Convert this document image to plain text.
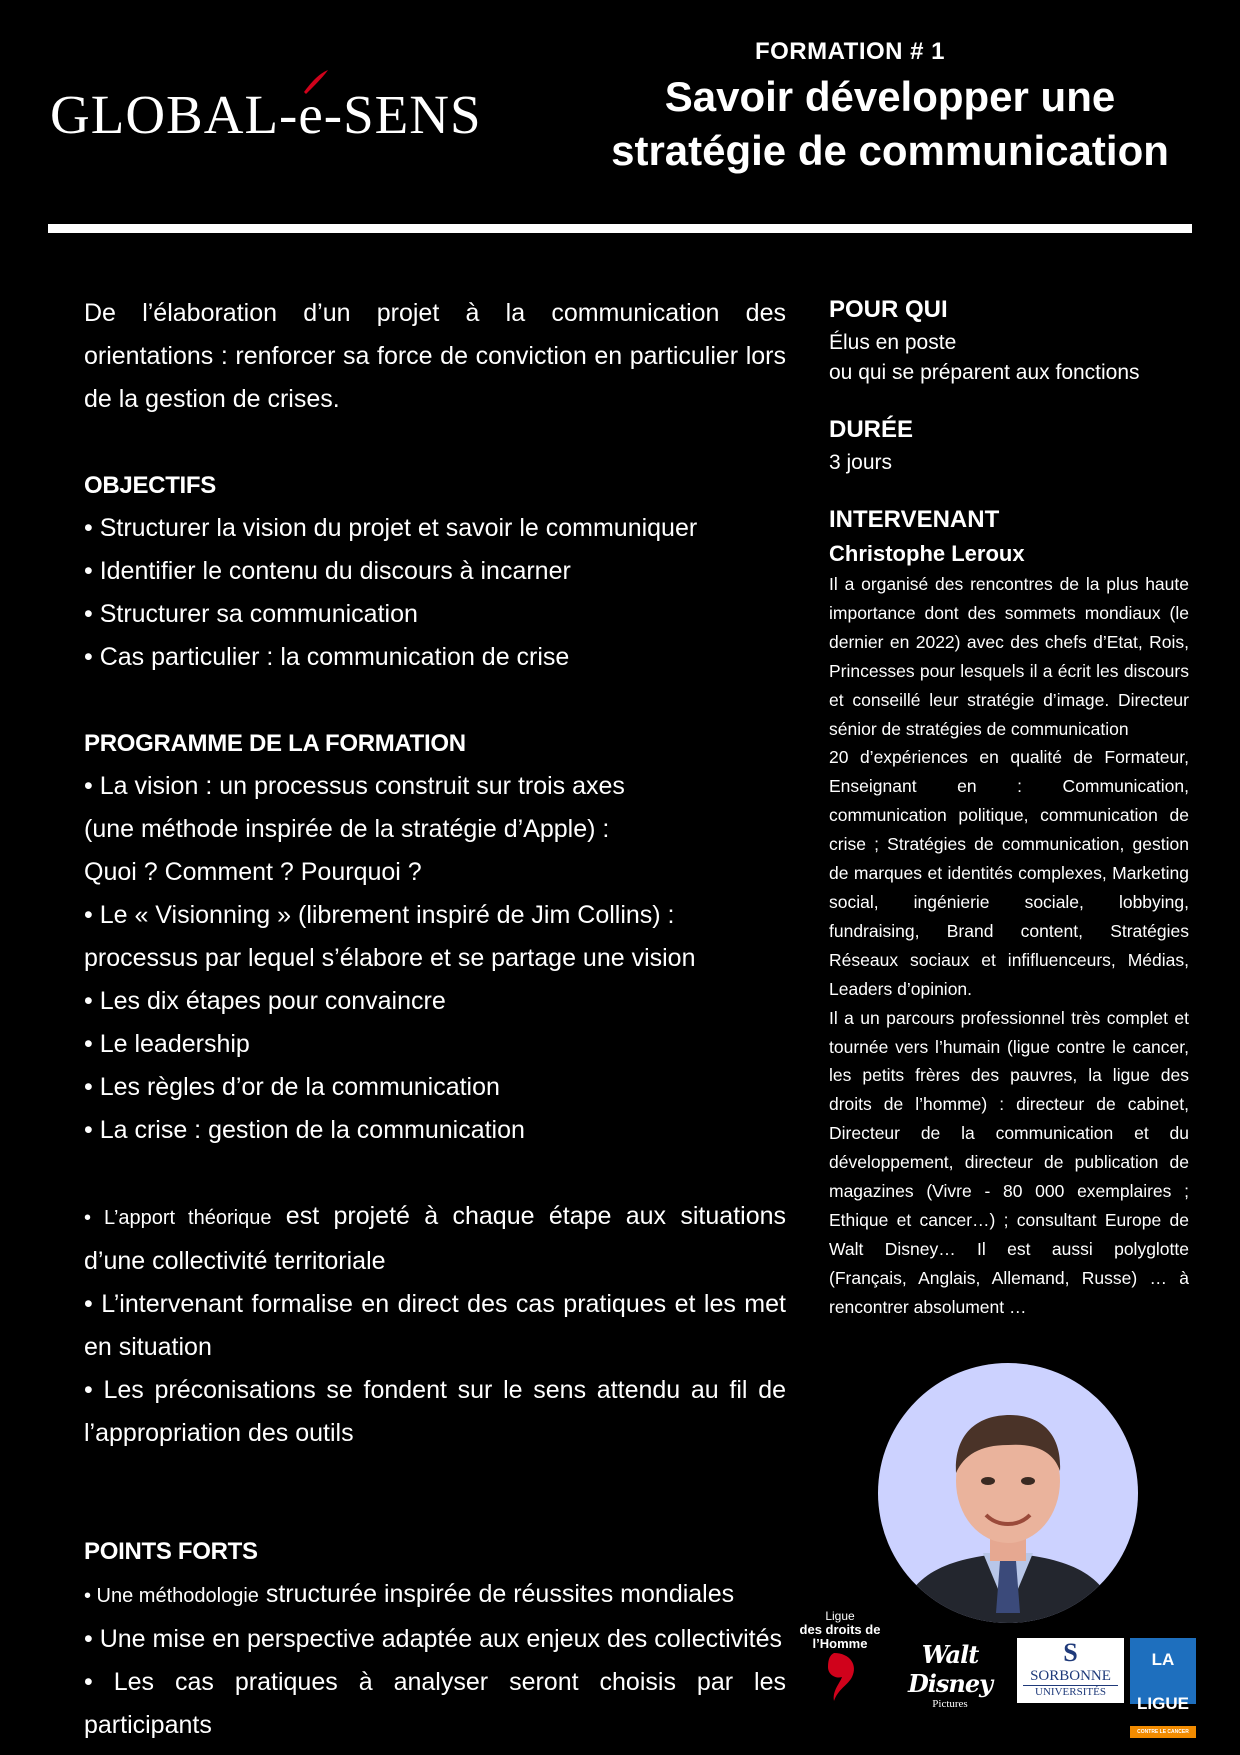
GLOBAL-e
-SENS
FORMATION # 1
Savoir développer une
stratégie de communication

De l’élaboration d’un projet à la communication des orientations : renforcer sa force de conviction en particulier lors de la gestion de crises.

OBJECTIFS

• Structurer la vision du projet et savoir le communiquer

• Identifier le contenu du discours à incarner

• Structurer sa communication

• Cas particulier : la communication de crise

PROGRAMME DE LA FORMATION

• La vision : un processus construit sur trois axes

(une méthode inspirée de la stratégie d’Apple) :

Quoi ? Comment ? Pourquoi ?

• Le « Visionning » (librement inspiré de Jim Collins) :

processus par lequel s’élabore et se partage une vision

• Les dix étapes pour convaincre

• Le leadership

• Les règles d’or de la communication

• La crise : gestion de la communication

• L’apport théorique est projeté à chaque étape aux situations d’une collectivité territoriale

• L’intervenant formalise en direct des cas pratiques et les met en situation

• Les préconisations se fondent sur le sens attendu au fil de l’appropriation des outils

POINTS FORTS

• Une méthodologie structurée inspirée de réussites mondiales

• Une mise en perspective adaptée aux enjeux des collectivités

• Les cas pratiques à analyser seront choisis par les participants

POUR QUI
Élus en poste
ou qui se préparent aux fonctions
DURÉE
3 jours
INTERVENANT
Christophe Leroux

Il a organisé des rencontres de la plus haute importance dont des sommets mondiaux (le dernier en 2022) avec des chefs d’Etat, Rois, Princesses pour lesquels il a écrit les discours et conseillé leur stratégie d’image. Directeur sénior de stratégies de communication

20 d’expériences en qualité de Formateur, Enseignant en : Communication, communication politique, communication de crise ; Stratégies de communication, gestion de marques et identités complexes, Marketing social, ingénierie sociale, lobbying, fundraising, Brand content, Stratégies Réseaux sociaux et infifluenceurs, Médias, Leaders d’opinion.

Il a un parcours professionnel très complet et tournée vers l’humain (ligue contre le cancer, les petits frères des pauvres, la ligue des droits de l’homme) : directeur de cabinet, Directeur de la communication et du développement, directeur de publication de magazines (Vivre - 80 000 exemplaires ; Ethique et cancer…) ; consultant Europe de Walt Disney… Il est aussi polyglotte (Français, Anglais, Allemand, Russe) … à rencontrer absolument …

Ligue
des droits de
l’Homme	Walt Disney
Pictures
S
SORBONNE
UNIVERSITÉS
LA LIGUE
CONTRE LE CANCER
